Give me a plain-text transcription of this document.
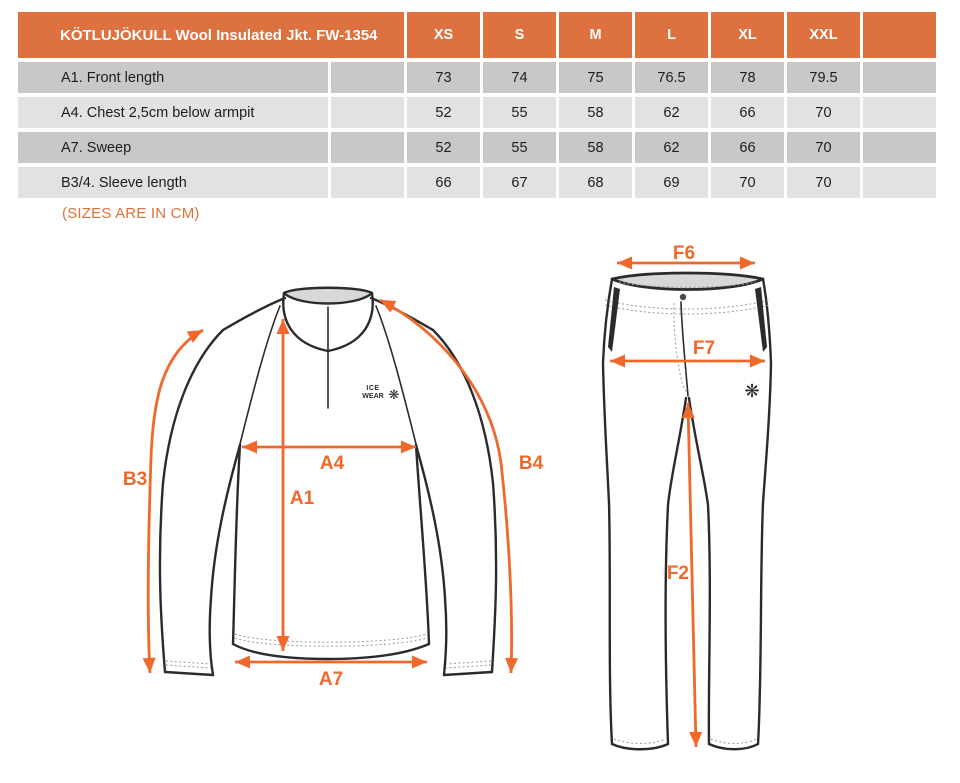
KÖTLUJÖKULL Wool Insulated Jkt. FW-1354	XS	S	M	L	XL	XXL
A1. Front length	73	74	75	76.5	78	79.5
A4. Chest 2,5cm below armpit	52	55	58	62	66	70
A7. Sweep	52	55	58	62	66	70
B3/4. Sleeve length	66	67	68	69	70	70
(SIZES ARE IN CM)
ICE
WEAR ❋
B3
B4
A4
A1
A7
❋
F6
F7
F2
